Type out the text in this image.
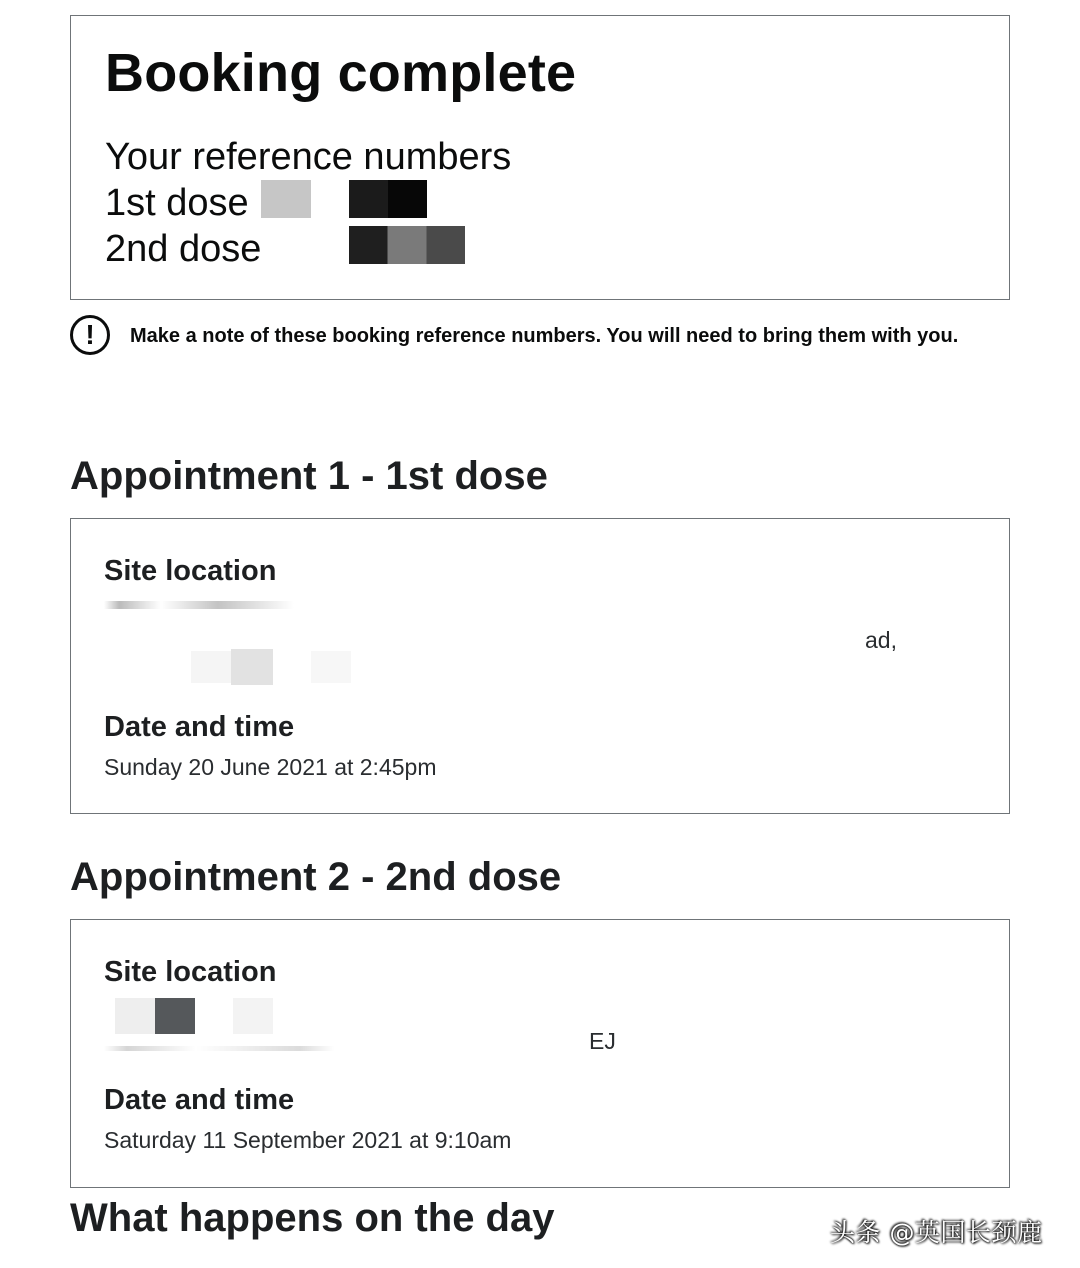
Booking complete
Your reference numbers
1st dose
2nd dose
!	Make a note of these booking reference numbers. You will need to bring them with you.
Appointment 1 - 1st dose
Site location
ad,
Date and time
Sunday 20 June 2021 at 2:45pm
Appointment 2 - 2nd dose
Site location
EJ
Date and time
Saturday 11 September 2021 at 9:10am
What happens on the day	头条 @英国长颈鹿
